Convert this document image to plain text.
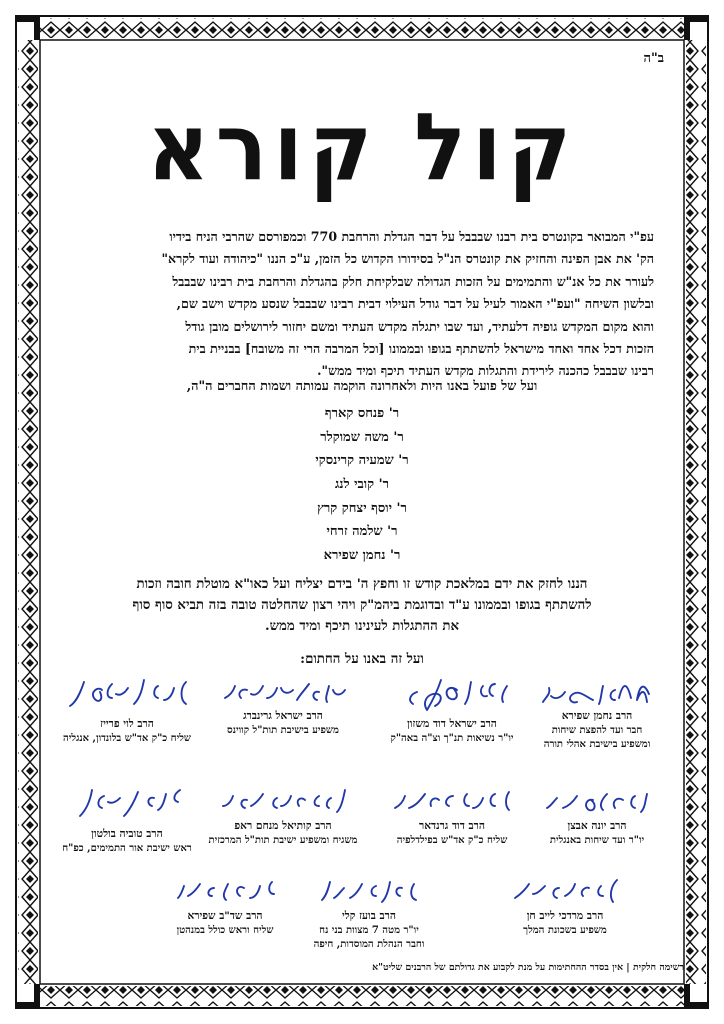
ב"ה
קול קורא

עפ"י המבואר בקונטרס בית רבנו שבבבל על דבר הגדלת והרחבת 770 וכמפורסם שהרבי הניח בידיו

הק' את אבן הפינה והחזיק את קונטרס הנ"ל בסידורו הקדוש כל הזמן, ע"כ הננו "כיהודה ועוד לקרא"

לעורר את כל אנ"ש והתמימים על הזכות הגדולה שבלקיחת חלק בהגדלת והרחבת בית רבינו שבבבל

ובלשון השיחה "ועפ"י האמור לעיל על דבר גודל העילוי דבית רבינו שבבבל שנסע מקדש וישב שם,

והוא מקום המקדש גופיה דלעתיד, ועד שבו יתגלה מקדש העתיד ומשם יחזור לירושלים מובן גודל

הזכות דכל אחד ואחד מישראל להשתתף בגופו ובממונו [וכל המרבה הרי זה משובח] בבניית בית

רבינו שבבבל כהכנה לירידת והתגלות מקדש העתיד תיכף ומיד ממש".

ועל של פועל באנו היות ולאחרונה הוקמה עמותה ושמות החברים ה"ה,
ר' פנחס קארף
ר' משה שמוקלר
ר' שמעיה קרינסקי
ר' קובי לנג
ר' יוסף יצחק קרץ
ר' שלמה זרחי
ר' נחמן שפירא

הננו לחזק את ידם במלאכת קודש זו וחפץ ה' בידם יצליח ועל כאו"א מוטלת חובה וזכות

להשתתף בגופו ובממונו ע"ד ובדוגמת ביהמ"ק ויהי רצון שהחלטה טובה בזה תביא סוף סוף

את ההתגלות לעינינו תיכף ומיד ממש.

ועל זה באנו על החתום:
הרב נחמן שפירא
חבר ועד להפצת שיחות
ומשפיע בישיבת אהלי תורה
הרב ישראל דוד משזון
יו"ר נשיאות תנ"ך וצ"ה באה"ק
הרב ישראל גרינברג
משפיע בישיבת תות"ל קווינס
הרב לוי פרייז
שליח כ"ק אד"ש בלונדון, אנגליה
הרב יונה אבצן
יו"ר ועד שיחות באנגלית
הרב דוד גרנדאר
שליח כ"ק אד"ש בפילדלפיה
הרב קותיאל מנחם ראפ
משגיח ומשפיע ישיבת תות"ל המרכזית
הרב טוביה בולטון
ראש ישיבת אור התמימים, כפ"ח
הרב מרדכי לייב חן
משפיע בשכונת המלך
הרב בועז קלי
יו"ר מטה 7 מצוות בני נח
וחבר הנהלת המוסדות, חיפה
הרב שד"ב שפירא
שליח וראש כולל במנהטן
רשימה חלקית | אין בסדר ההחתימות על מנת לקבוע את גדולתם של הרבנים שליט"א
